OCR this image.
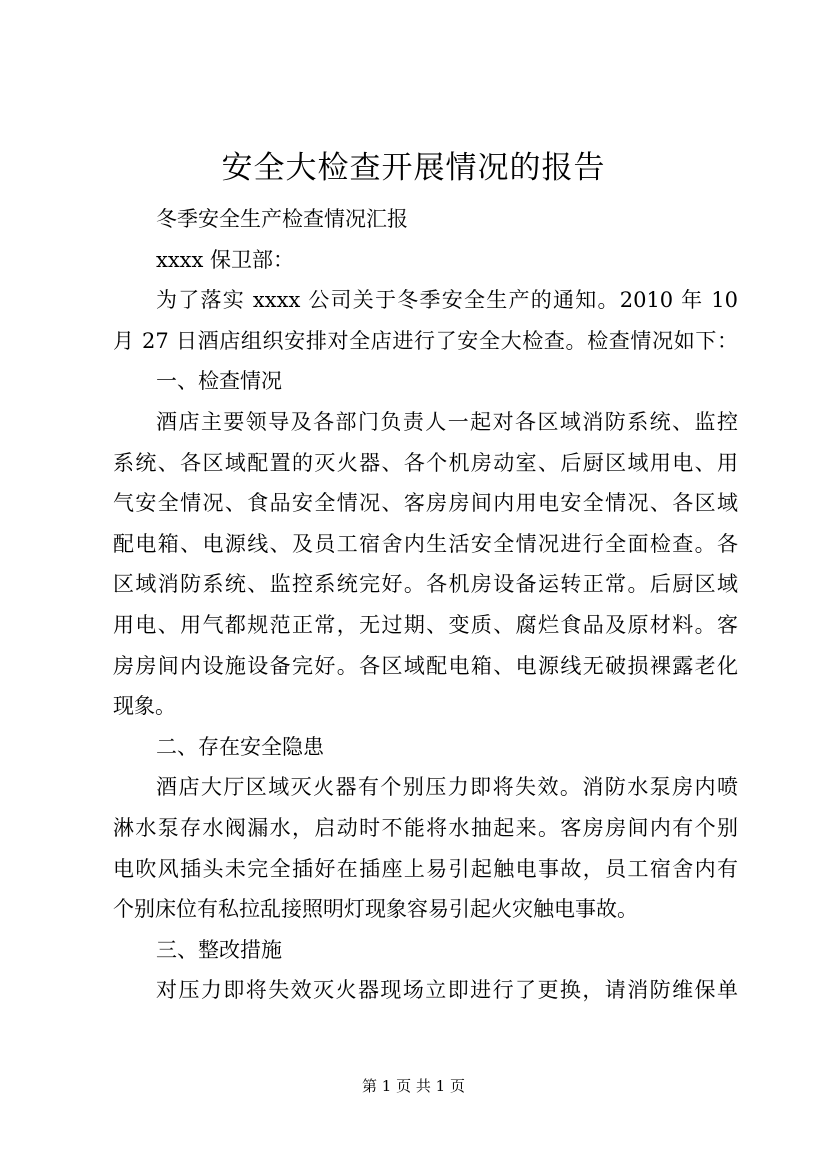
安全大检查开展情况的报告
冬季安全生产检查情况汇报
xxxx 保卫部：
为了落实 xxxx 公司关于冬季安全生产的通知。2010 年 10
月 27 日酒店组织安排对全店进行了安全大检查。检查情况如下：
一、检查情况
酒店主要领导及各部门负责人一起对各区域消防系统、监控
系统、各区域配置的灭火器、各个机房动室、后厨区域用电、用
气安全情况、食品安全情况、客房房间内用电安全情况、各区域
配电箱、电源线、及员工宿舍内生活安全情况进行全面检查。各
区域消防系统、监控系统完好。各机房设备运转正常。后厨区域
用电、用气都规范正常，无过期、变质、腐烂食品及原材料。客
房房间内设施设备完好。各区域配电箱、电源线无破损裸露老化
现象。
二、存在安全隐患
酒店大厅区域灭火器有个别压力即将失效。消防水泵房内喷
淋水泵存水阀漏水，启动时不能将水抽起来。客房房间内有个别
电吹风插头未完全插好在插座上易引起触电事故，员工宿舍内有
个别床位有私拉乱接照明灯现象容易引起火灾触电事故。
三、整改措施
对压力即将失效灭火器现场立即进行了更换，请消防维保单
第 1 页 共 1 页
